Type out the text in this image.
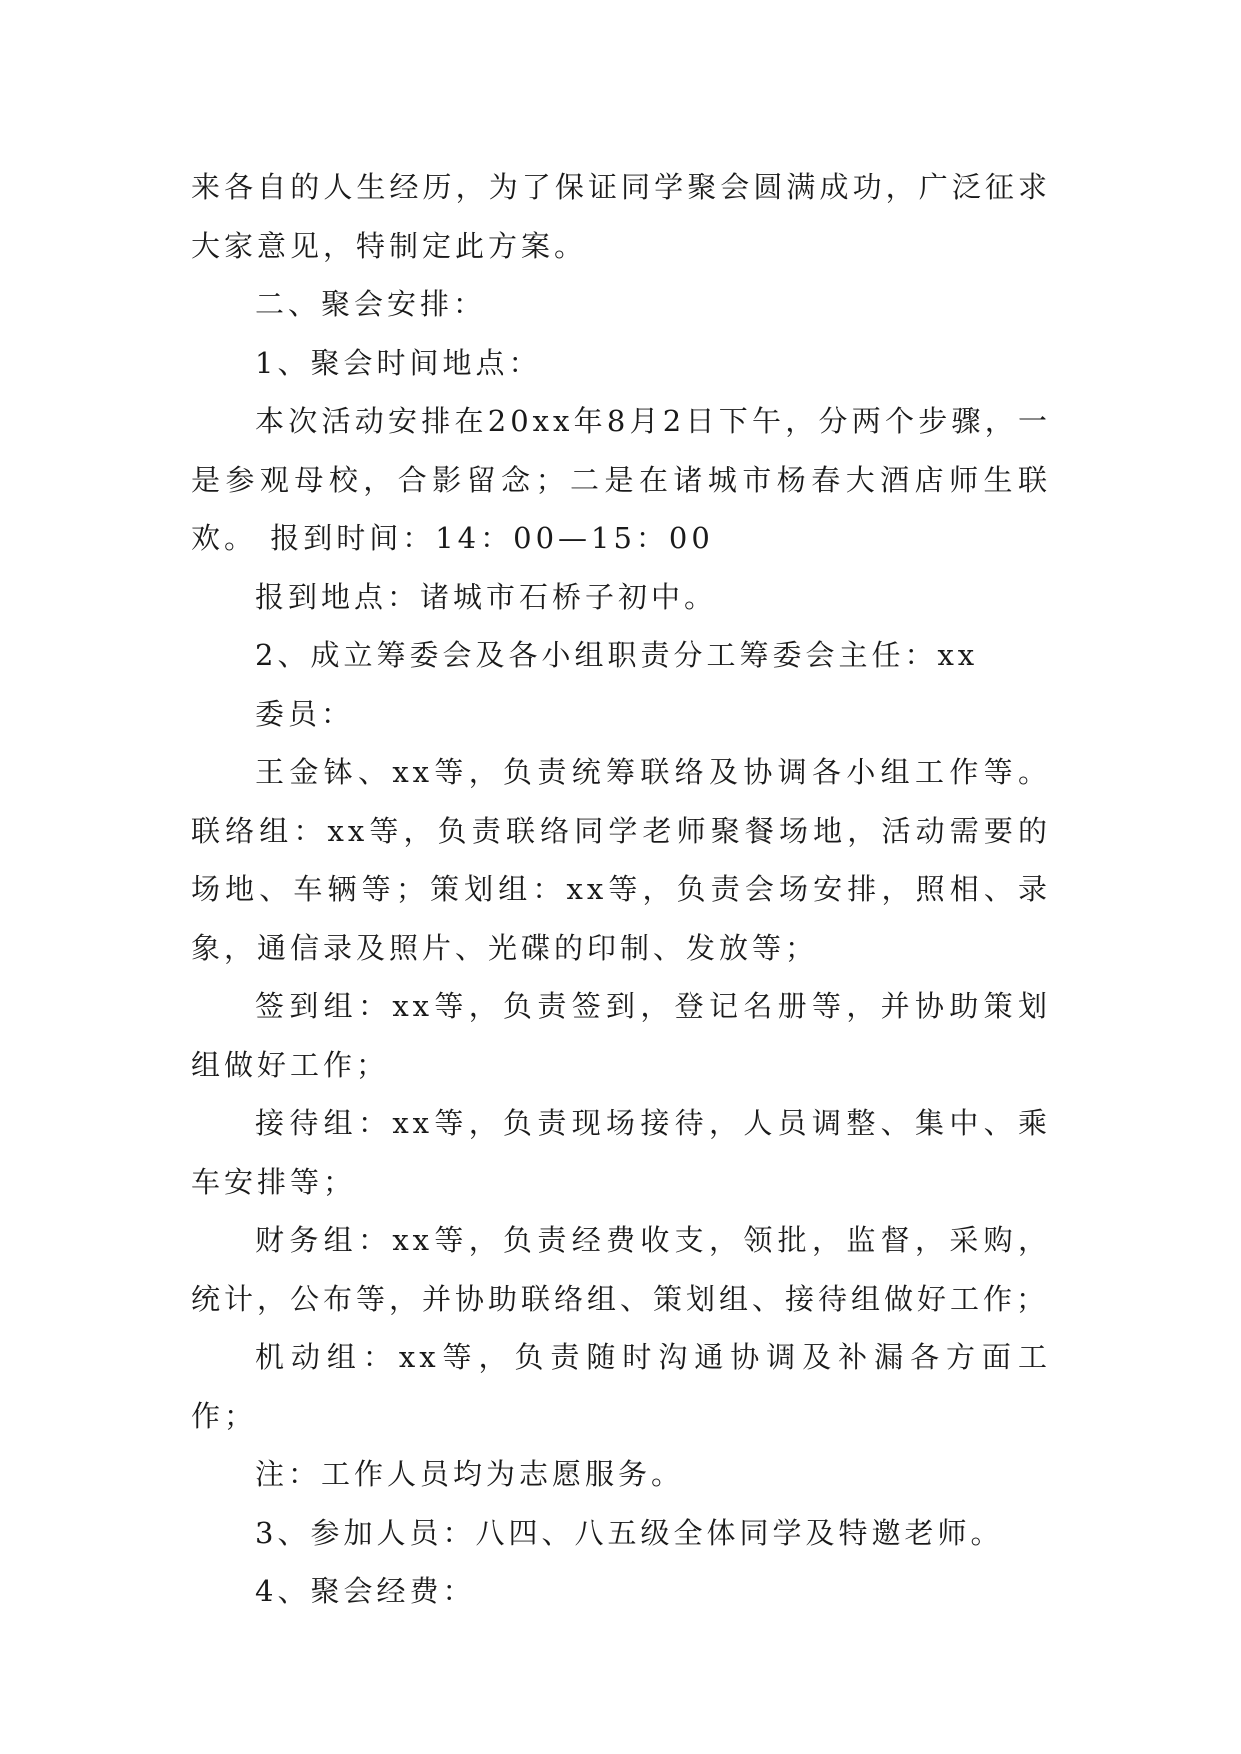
来各自的人生经历，为了保证同学聚会圆满成功，广泛征求大家意见，特制定此方案。

二、聚会安排：

1、聚会时间地点：

本次活动安排在20xx年8月2日下午，分两个步骤，一是参观母校，合影留念；二是在诸城市杨春大酒店师生联欢。 报到时间：14：00—15：00

报到地点：诸城市石桥子初中。

2、成立筹委会及各小组职责分工筹委会主任：xx

委员：

王金钵、xx等，负责统筹联络及协调各小组工作等。联络组：xx等，负责联络同学老师聚餐场地，活动需要的场地、车辆等；策划组：xx等，负责会场安排，照相、录象，通信录及照片、光碟的印制、发放等；

签到组：xx等，负责签到，登记名册等，并协助策划组做好工作；

接待组：xx等，负责现场接待，人员调整、集中、乘车安排等；

财务组：xx等，负责经费收支，领批，监督，采购，统计，公布等，并协助联络组、策划组、接待组做好工作；

机动组：xx等，负责随时沟通协调及补漏各方面工作；

注：工作人员均为志愿服务。

3、参加人员：八四、八五级全体同学及特邀老师。

4、聚会经费：
